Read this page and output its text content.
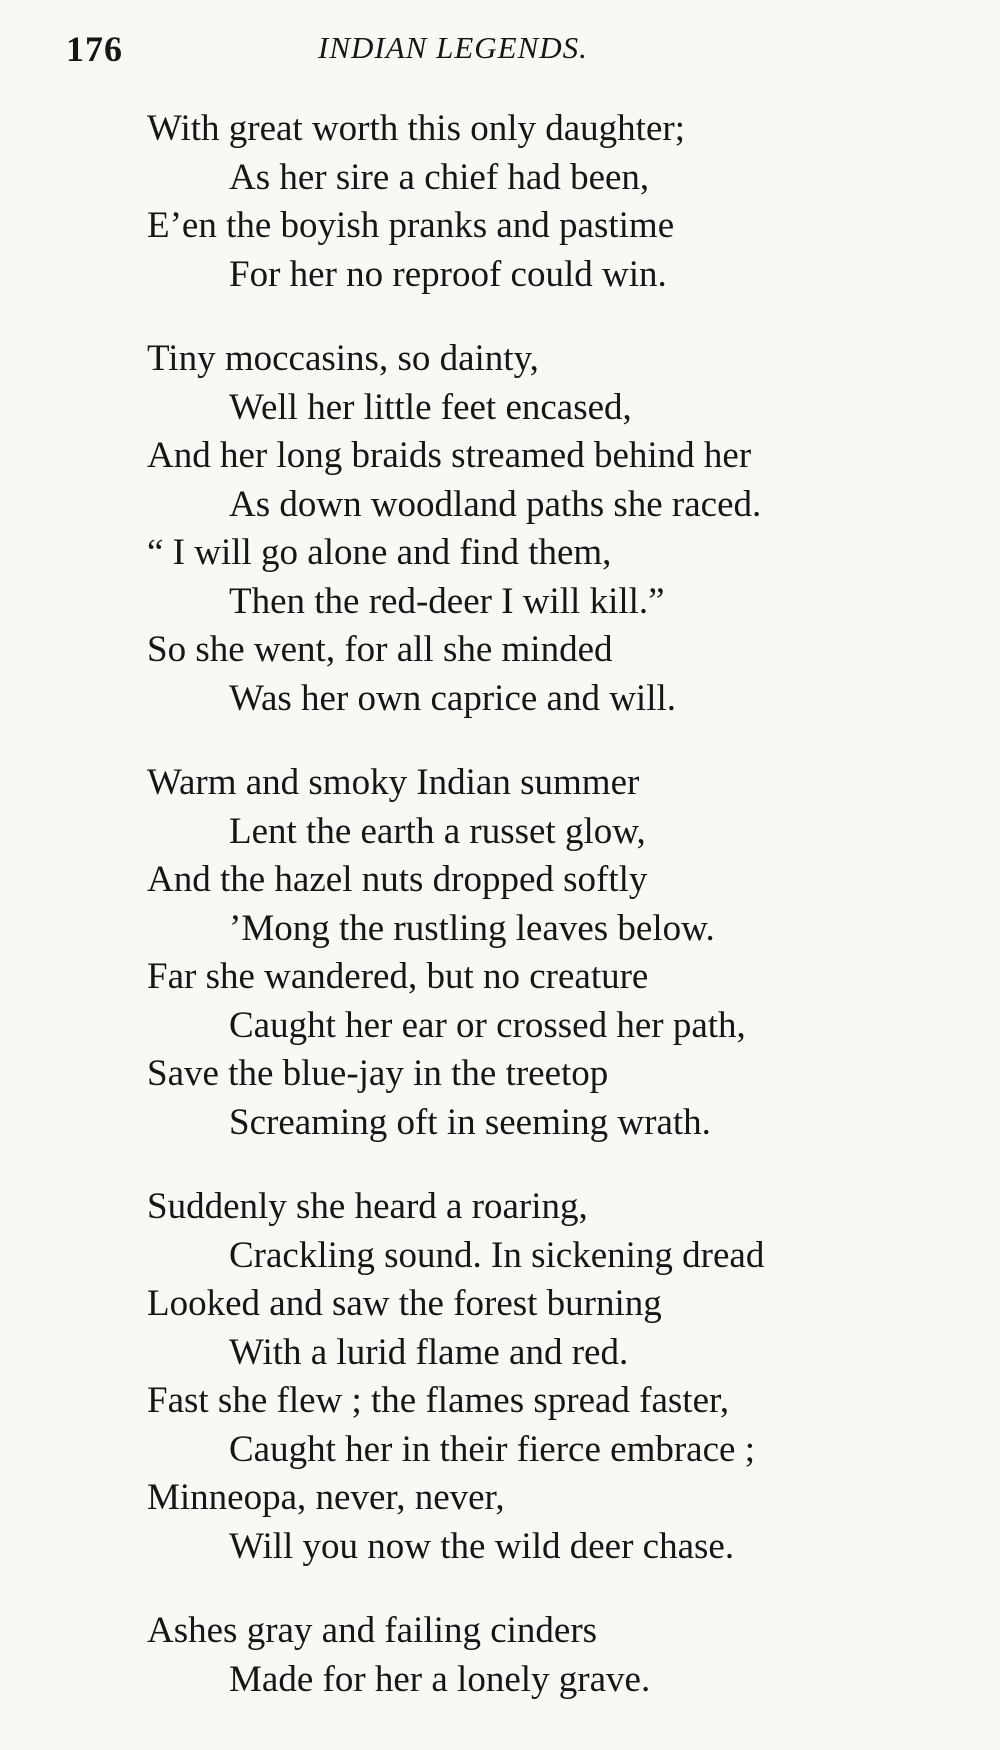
176	INDIAN LEGENDS.
With great worth this only daughter;
As her sire a chief had been,
E’en the boyish pranks and pastime
For her no reproof could win.
Tiny moccasins, so dainty,
Well her little feet encased,
And her long braids streamed behind her
As down woodland paths she raced.
“ I will go alone and find them,
Then the red-deer I will kill.”
So she went, for all she minded
Was her own caprice and will.
Warm and smoky Indian summer
Lent the earth a russet glow,
And the hazel nuts dropped softly
’Mong the rustling leaves below.
Far she wandered, but no creature
Caught her ear or crossed her path,
Save the blue-jay in the treetop
Screaming oft in seeming wrath.
Suddenly she heard a roaring,
Crackling sound. In sickening dread
Looked and saw the forest burning
With a lurid flame and red.
Fast she flew ; the flames spread faster,
Caught her in their fierce embrace ;
Minneopa, never, never,
Will you now the wild deer chase.
Ashes gray and failing cinders
Made for her a lonely grave.
